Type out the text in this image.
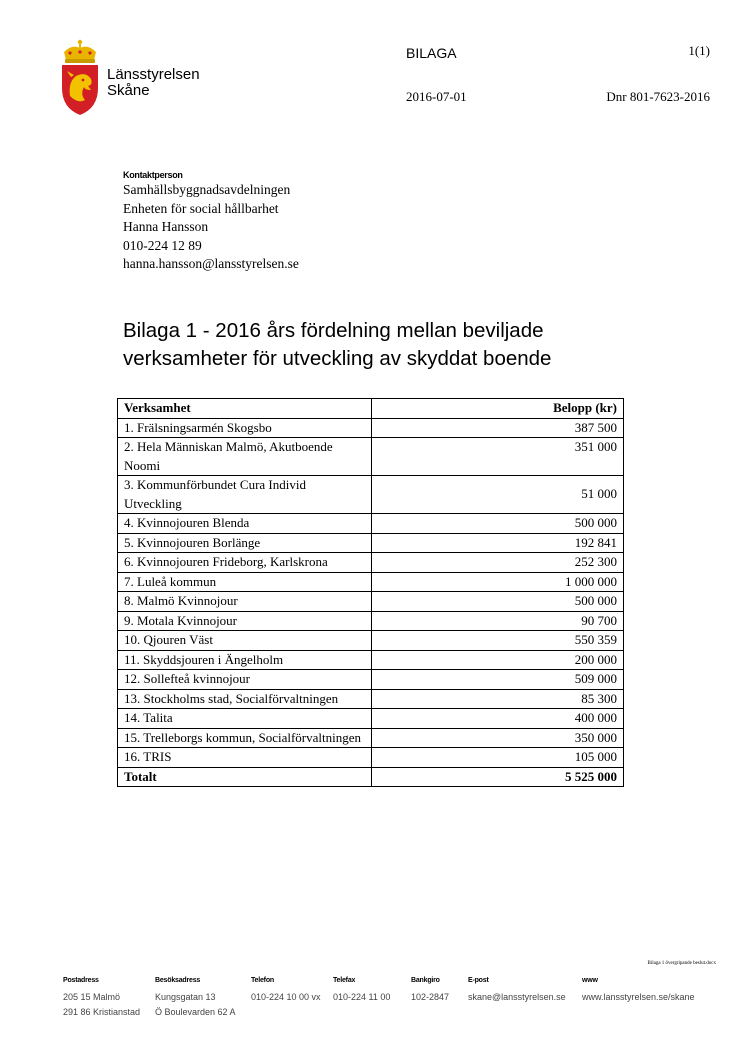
Länsstyrelsen
Skåne
BILAGA	1(1)
2016-07-01	Dnr 801-7623-2016
Kontaktperson
Samhällsbyggnadsavdelningen
Enheten för social hållbarhet
Hanna Hansson
010-224 12 89
hanna.hansson@lansstyrelsen.se
Bilaga 1 - 2016 års fördelning mellan beviljade
verksamheter för utveckling av skyddat boende
Verksamhet	Belopp (kr)
1. Frälsningsarmén Skogsbo	387 500
2. Hela Människan Malmö, Akutboende Noomi	351 000
3. Kommunförbundet Cura Individ Utveckling	51 000
4. Kvinnojouren Blenda	500 000
5. Kvinnojouren Borlänge	192 841
6. Kvinnojouren Frideborg, Karlskrona	252 300
7. Luleå kommun	1 000 000
8. Malmö Kvinnojour	500 000
9. Motala Kvinnojour	90 700
10. Qjouren Väst	550 359
11. Skyddsjouren i Ängelholm	200 000
12. Sollefteå kvinnojour	509 000
13. Stockholms stad, Socialförvaltningen	85 300
14. Talita	400 000
15. Trelleborgs kommun, Socialförvaltningen	350 000
16. TRIS	105 000
Totalt	5 525 000
Bilaga 1 övergripande beslut.docx
Postadress
205 15 Malmö
291 86 Kristianstad
Besöksadress
Kungsgatan 13
Ö Boulevarden 62 A
Telefon
010-224 10 00 vx
Telefax
010-224 11 00
Bankgiro
102-2847
E-post
skane@lansstyrelsen.se
www
www.lansstyrelsen.se/skane
